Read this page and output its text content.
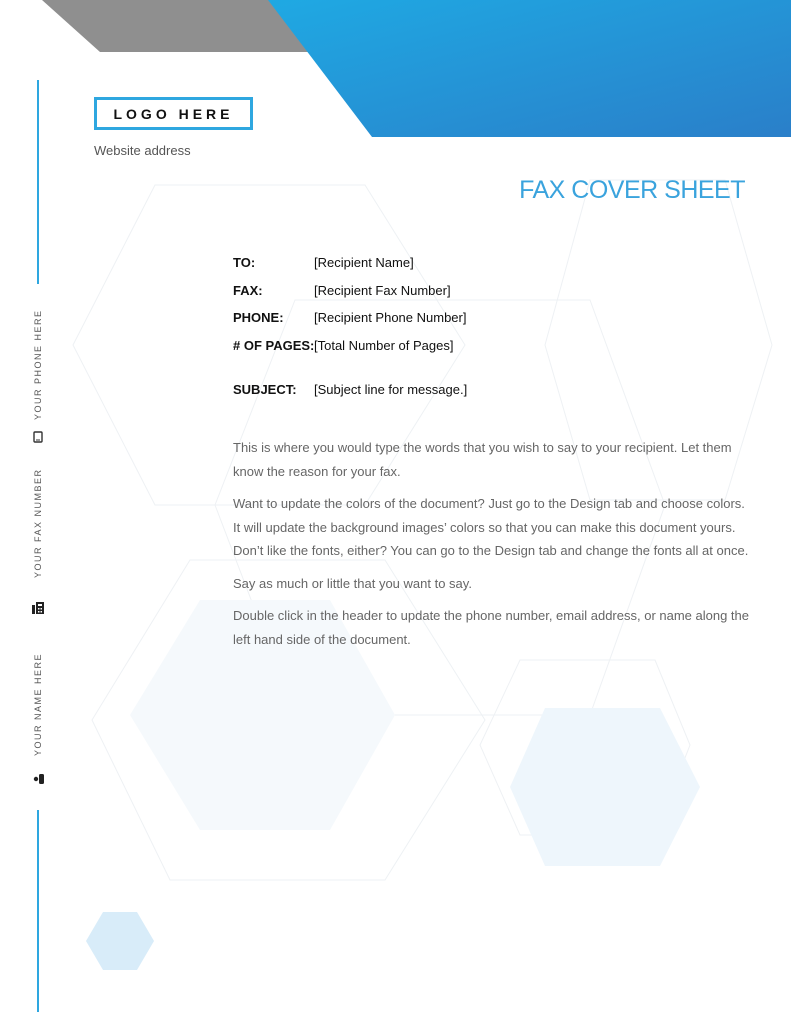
LOGO HERE
Website address
FAX COVER SHEET
TO:	[Recipient Name]
FAX:	[Recipient Fax Number]
PHONE: [Recipient Phone Number]
# OF PAGES: [Total Number of Pages]
SUBJECT: [Subject line for message.]

This is where you would type the words that you wish to say to your recipient. Let them know the reason for your fax.

Want to update the colors of the document? Just go to the Design tab and choose colors. It will update the background images’ colors so that you can make this document yours. Don’t like the fonts, either? You can go to the Design tab and change the fonts all at once.

Say as much or little that you want to say.

Double click in the header to update the phone number, email address, or name along the left hand side of the document.

YOUR PHONE HERE
YOUR FAX NUMBER
YOUR NAME HERE
